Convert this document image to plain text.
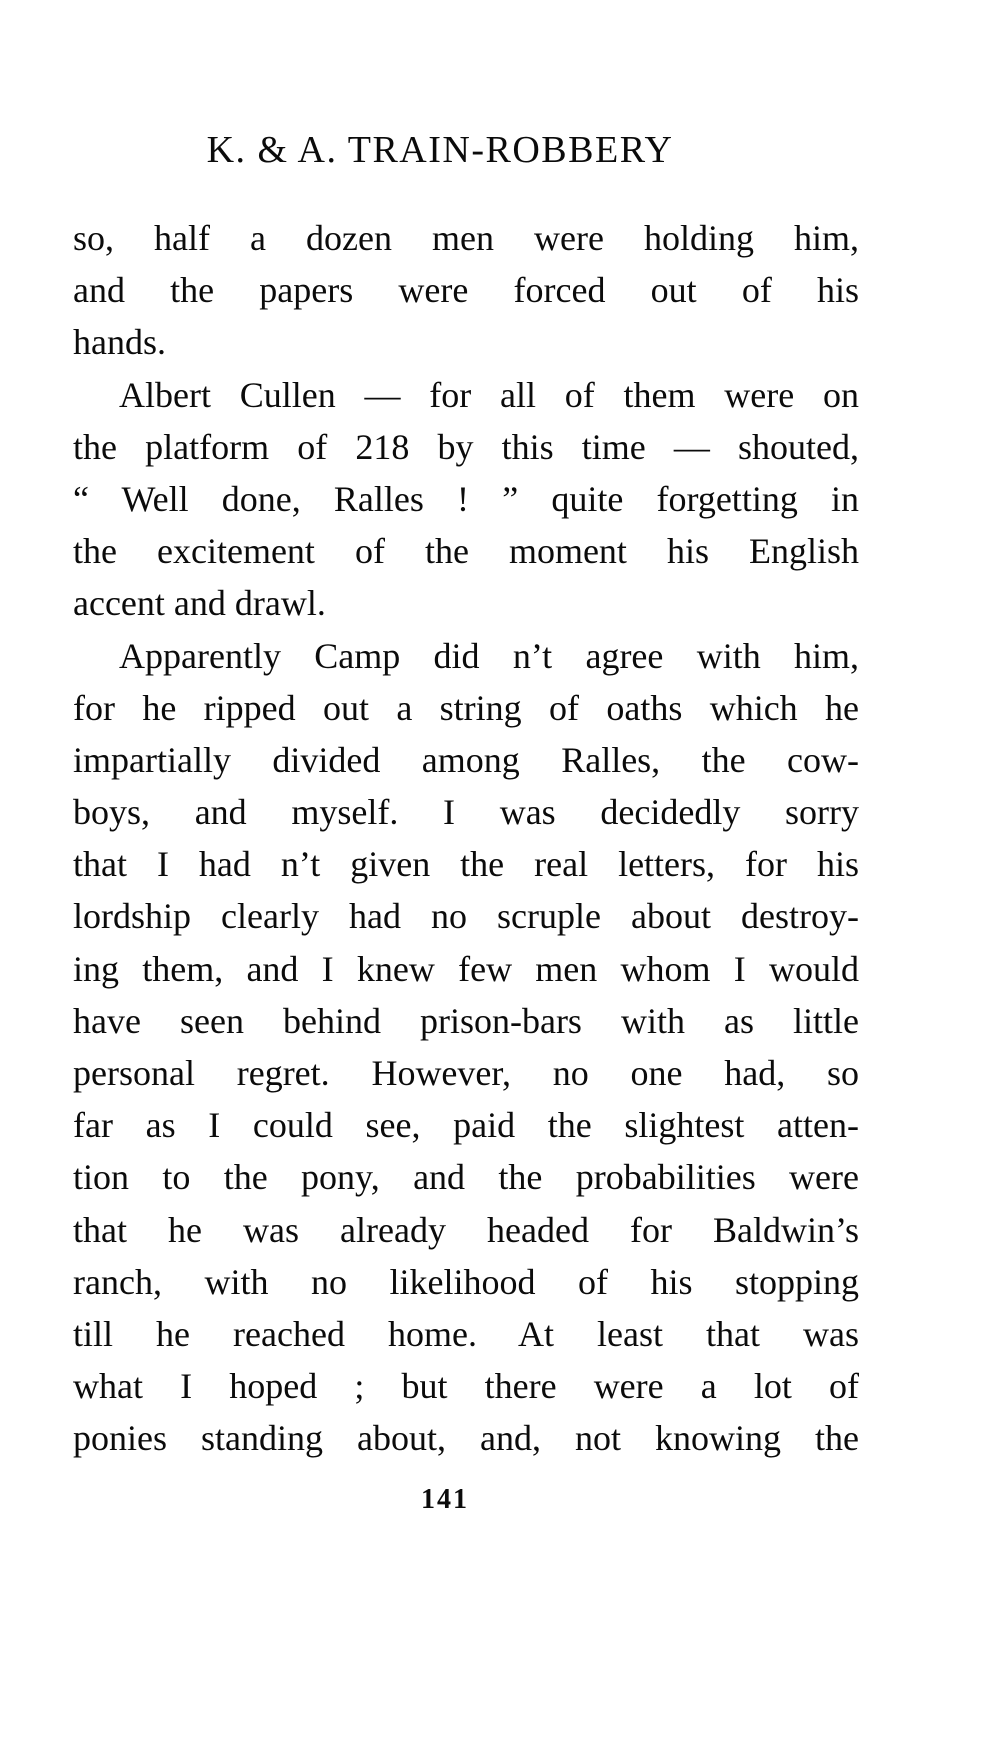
K. & A. TRAIN-ROBBERY
so, half a dozen men were holding him,
and the papers were forced out of his
hands.
Albert Cullen — for all of them were on
the platform of 218 by this time — shouted,
“ Well done, Ralles ! ” quite forgetting in
the excitement of the moment his English
accent and drawl.
Apparently Camp did n’t agree with him,
for he ripped out a string of oaths which he
impartially divided among Ralles, the cow-
boys, and myself. I was decidedly sorry
that I had n’t given the real letters, for his
lordship clearly had no scruple about destroy-
ing them, and I knew few men whom I would
have seen behind prison-bars with as little
personal regret. However, no one had, so
far as I could see, paid the slightest atten-
tion to the pony, and the probabilities were
that he was already headed for Baldwin’s
ranch, with no likelihood of his stopping
till he reached home. At least that was
what I hoped ; but there were a lot of
ponies standing about, and, not knowing the
141
